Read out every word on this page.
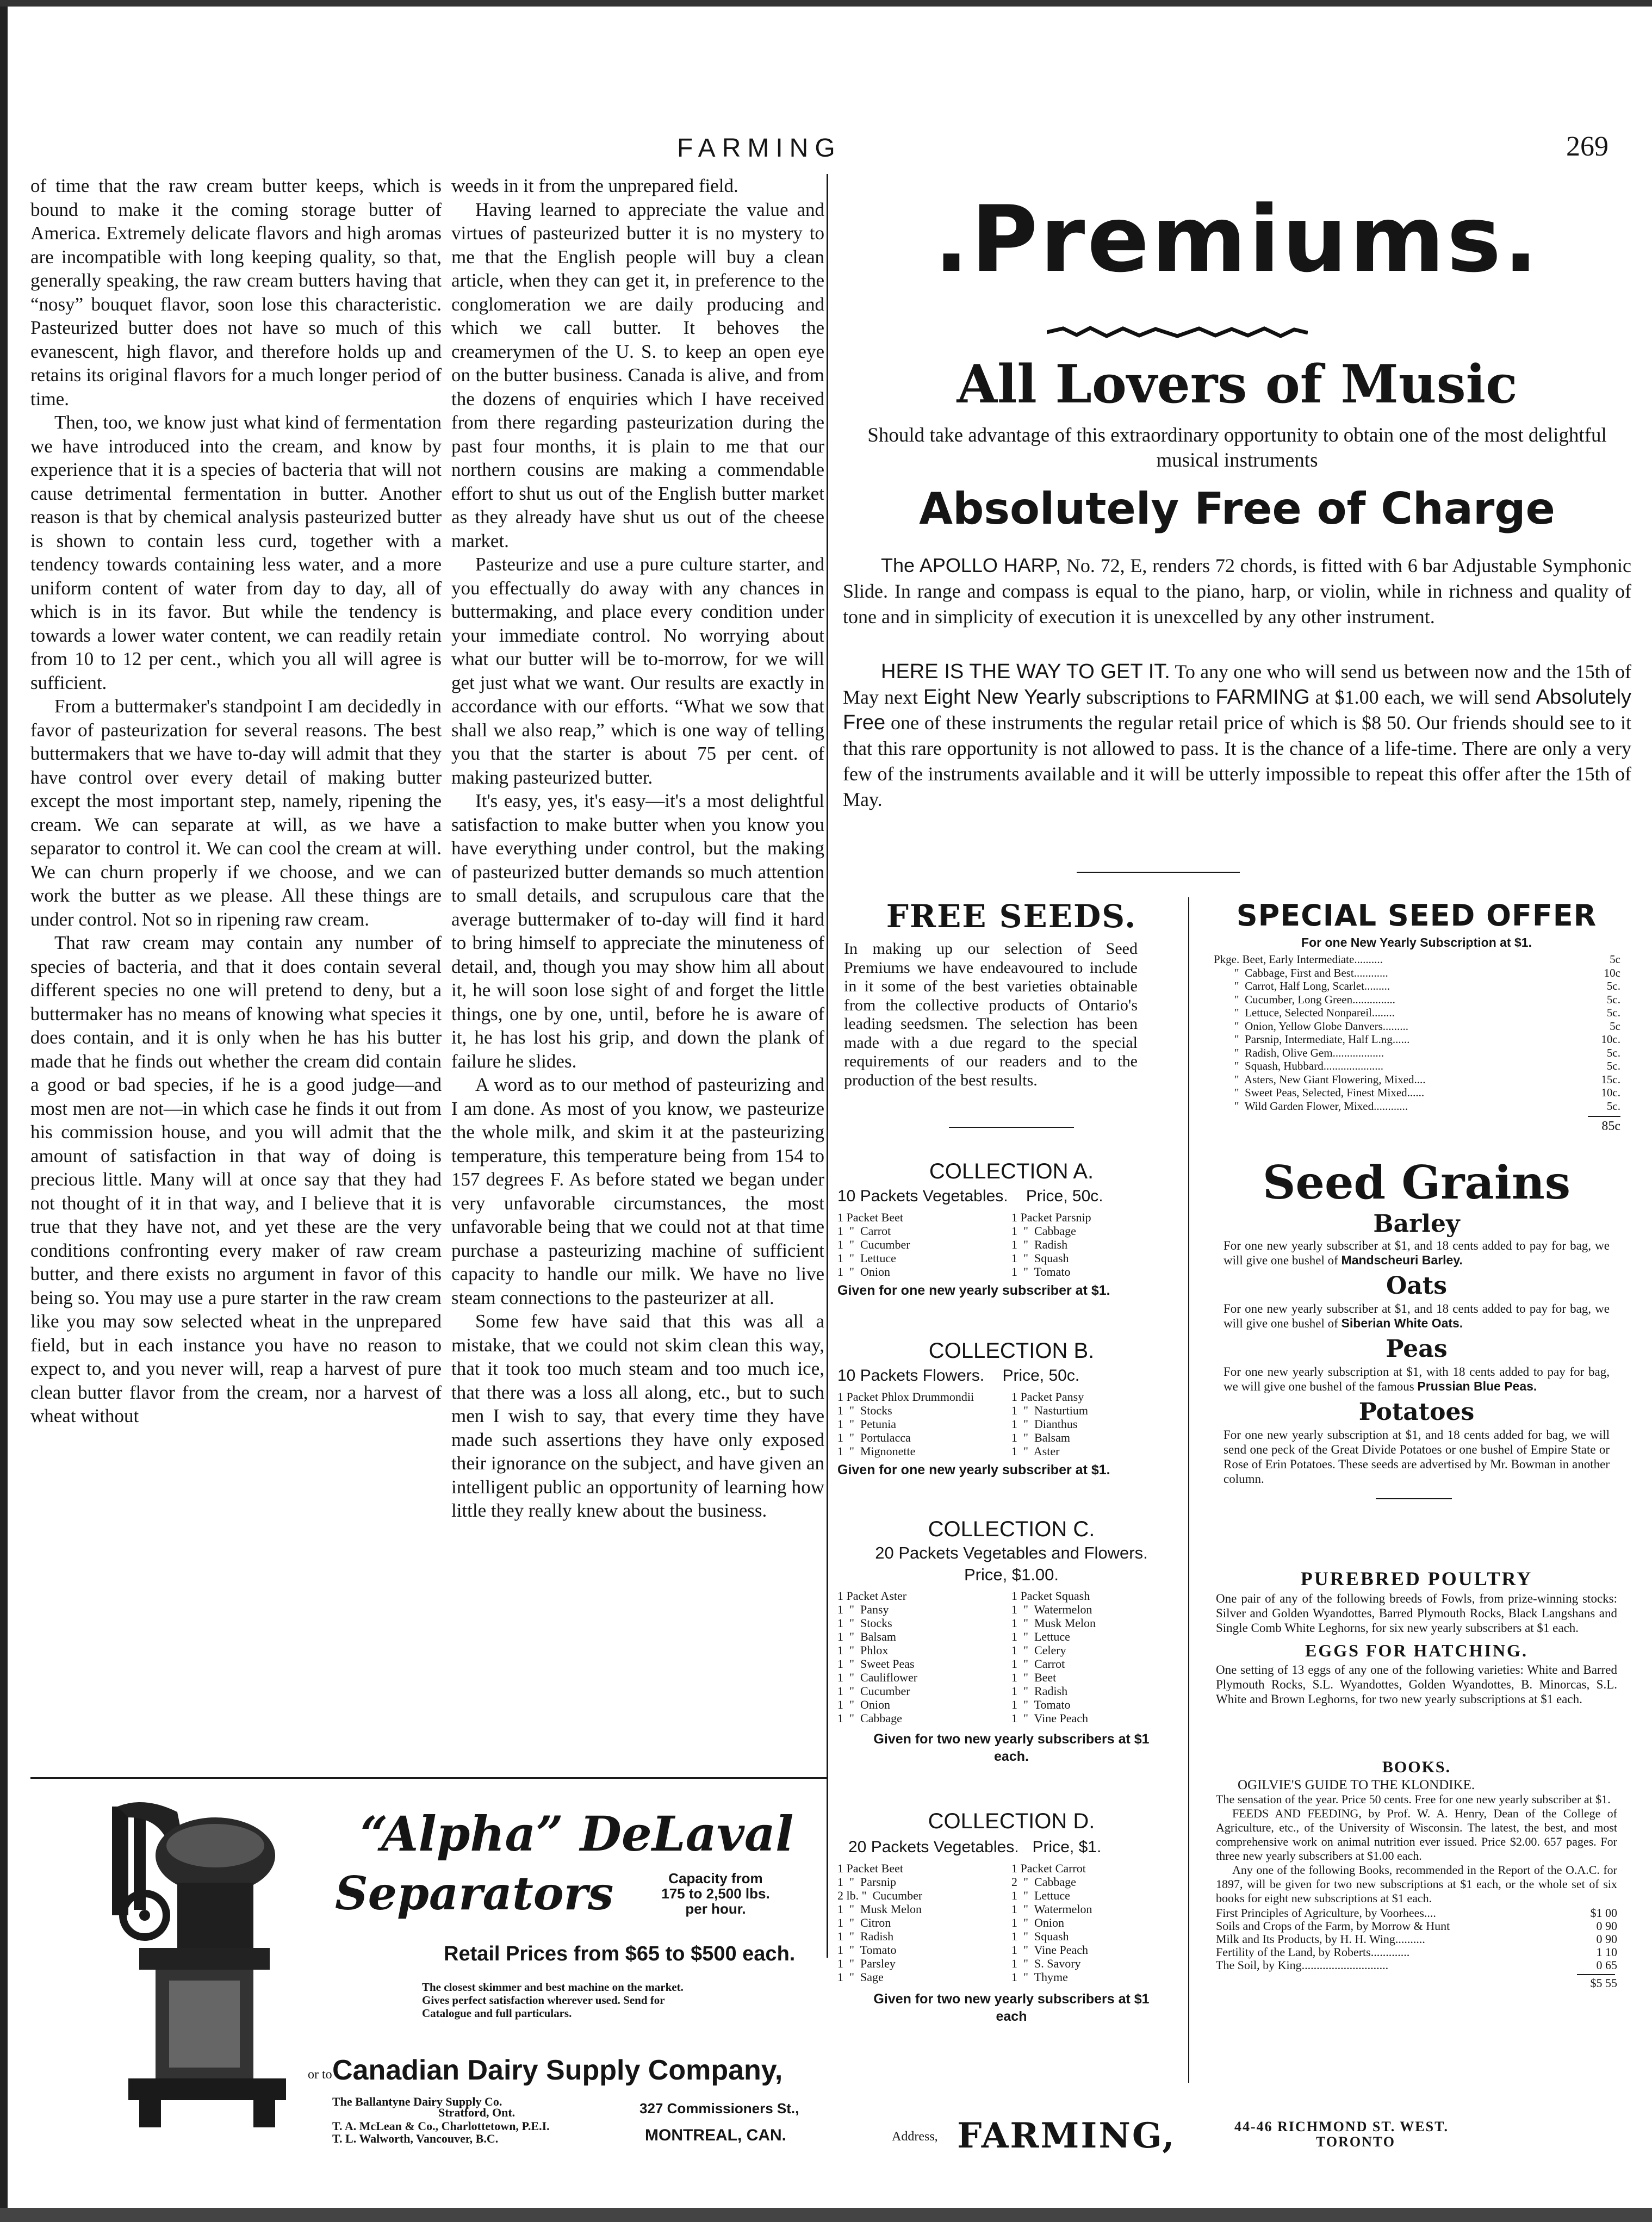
FARMING	269

of time that the raw cream butter keeps, which is bound to make it the coming storage butter of America. Extremely delicate flavors and high aromas are incompatible with long keeping quality, so that, generally speaking, the raw cream butters having that “nosy” bouquet flavor, soon lose this characteristic. Pasteurized butter does not have so much of this evanescent, high flavor, and therefore holds up and retains its original flavors for a much longer period of time.

Then, too, we know just what kind of fermentation we have introduced into the cream, and know by experience that it is a species of bacteria that will not cause detrimental fermentation in butter. Another reason is that by chemical analysis pasteurized butter is shown to contain less curd, together with a tendency towards containing less water, and a more uniform content of water from day to day, all of which is in its favor. But while the tendency is towards a lower water content, we can readily retain from 10 to 12 per cent., which you all will agree is sufficient.

From a buttermaker's standpoint I am decidedly in favor of pasteurization for several reasons. The best buttermakers that we have to-day will admit that they have control over every detail of making butter except the most important step, namely, ripening the cream. We can separate at will, as we have a separator to control it. We can cool the cream at will. We can churn properly if we choose, and we can work the butter as we please. All these things are under control. Not so in ripening raw cream.

That raw cream may contain any number of species of bacteria, and that it does contain several different species no one will pretend to deny, but a buttermaker has no means of knowing what species it does contain, and it is only when he has his butter made that he finds out whether the cream did contain a good or bad species, if he is a good judge—and most men are not—in which case he finds it out from his commission house, and you will admit that the amount of satisfaction in that way of doing is precious little. Many will at once say that they had not thought of it in that way, and I believe that it is true that they have not, and yet these are the very conditions confronting every maker of raw cream butter, and there exists no argument in favor of this being so. You may use a pure starter in the raw cream like you may sow selected wheat in the unprepared field, but in each instance you have no reason to expect to, and you never will, reap a harvest of pure clean butter flavor from the cream, nor a harvest of wheat without

weeds in it from the unprepared field.

Having learned to appreciate the value and virtues of pasteurized butter it is no mystery to me that the English people will buy a clean article, when they can get it, in preference to the conglomeration we are daily producing and which we call butter. It behoves the creamerymen of the U. S. to keep an open eye on the butter business. Canada is alive, and from the dozens of enquiries which I have received from there regarding pasteurization during the past four months, it is plain to me that our northern cousins are making a commendable effort to shut us out of the English butter market as they already have shut us out of the cheese market.

Pasteurize and use a pure culture starter, and you effectually do away with any chances in buttermaking, and place every condition under your immediate control. No worrying about what our butter will be to-morrow, for we will get just what we want. Our results are exactly in accordance with our efforts. “What we sow that shall we also reap,” which is one way of telling you that the starter is about 75 per cent. of making pasteurized butter.

It's easy, yes, it's easy—it's a most delightful satisfaction to make butter when you know you have everything under control, but the making of pasteurized butter demands so much attention to small details, and scrupulous care that the average buttermaker of to-day will find it hard to bring himself to appreciate the minuteness of detail, and, though you may show him all about it, he will soon lose sight of and forget the little things, one by one, until, before he is aware of it, he has lost his grip, and down the plank of failure he slides.

A word as to our method of pasteurizing and I am done. As most of you know, we pasteurize the whole milk, and skim it at the pasteurizing temperature, this temperature being from 154 to 157 degrees F. As before stated we began under very unfavorable circumstances, the most unfavorable being that we could not at that time purchase a pasteurizing machine of sufficient capacity to handle our milk. We have no live steam connections to the pasteurizer at all.

Some few have said that this was all a mistake, that we could not skim clean this way, that it took too much steam and too much ice, that there was a loss all along, etc., but to such men I wish to say, that every time they have made such assertions they have only exposed their ignorance on the subject, and have given an intelligent public an opportunity of learning how little they really knew about the business.

.Premiums.
All Lovers of Music
Should take advantage of this extraordinary opportunity to obtain one of the most delightful musical instruments
Absolutely Free of Charge
The APOLLO HARP, No. 72, E, renders 72 chords, is fitted with 6 bar Adjustable Symphonic Slide. In range and compass is equal to the piano, harp, or violin, while in richness and quality of tone and in simplicity of execution it is unexcelled by any other instrument.
HERE IS THE WAY TO GET IT. To any one who will send us between now and the 15th of May next Eight New Yearly subscriptions to FARMING at $1.00 each, we will send Absolutely Free one of these instruments the regular retail price of which is $8 50. Our friends should see to it that this rare opportunity is not allowed to pass. It is the chance of a life-time. There are only a very few of the instruments available and it will be utterly impossible to repeat this offer after the 15th of May.
FREE SEEDS.
In making up our selection of Seed Premiums we have endeavoured to include in it some of the best varieties obtainable from the collective products of Ontario's leading seedsmen. The selection has been made with a due regard to the special requirements of our readers and to the production of the best results.
COLLECTION A.
10 Packets Vegetables.    Price, 50c.
1 Packet Beet	1 Packet Parsnip
1  "  Carrot	1  "  Cabbage
1  "  Cucumber	1  "  Radish
1  "  Lettuce	1  "  Squash
1  "  Onion	1  "  Tomato
Given for one new yearly subscriber at $1.
COLLECTION B.
10 Packets Flowers.    Price, 50c.
1 Packet Phlox Drummondii	1 Packet Pansy
1  "  Stocks	1  "  Nasturtium
1  "  Petunia	1  "  Dianthus
1  "  Portulacca	1  "  Balsam
1  "  Mignonette	1  "  Aster
Given for one new yearly subscriber at $1.
COLLECTION C.
20 Packets Vegetables and Flowers.
Price, $1.00.
1 Packet Aster	1 Packet Squash
1  "  Pansy	1  "  Watermelon
1  "  Stocks	1  "  Musk Melon
1  "  Balsam	1  "  Lettuce
1  "  Phlox	1  "  Celery
1  "  Sweet Peas	1  "  Carrot
1  "  Cauliflower	1  "  Beet
1  "  Cucumber	1  "  Radish
1  "  Onion	1  "  Tomato
1  "  Cabbage	1  "  Vine Peach
Given for two new yearly subscribers at $1 each.
COLLECTION D.
20 Packets Vegetables.   Price, $1.
1 Packet Beet	1 Packet Carrot
1  "  Parsnip	2  "  Cabbage
2 lb. "  Cucumber	1  "  Lettuce
1  "  Musk Melon	1  "  Watermelon
1  "  Citron	1  "  Onion
1  "  Radish	1  "  Squash
1  "  Tomato	1  "  Vine Peach
1  "  Parsley	1  "  S. Savory
1  "  Sage	1  "  Thyme
Given for two new yearly subscribers at $1 each
SPECIAL SEED OFFER
For one New Yearly Subscription at $1.
Pkge. Beet, Early Intermediate..........	5c
"  Cabbage, First and Best............	10c
"  Carrot, Half Long, Scarlet.........	5c.
"  Cucumber, Long Green...............	5c.
"  Lettuce, Selected Nonpareil........	5c.
"  Onion, Yellow Globe Danvers.........	5c
"  Parsnip, Intermediate, Half L.ng......	10c.
"  Radish, Olive Gem..................	5c.
"  Squash, Hubbard.....................	5c.
"  Asters, New Giant Flowering, Mixed....	15c.
"  Sweet Peas, Selected, Finest Mixed......	10c.
"  Wild Garden Flower, Mixed............	5c.
85c
Seed Grains
Barley
For one new yearly subscriber at $1, and 18 cents added to pay for bag, we will give one bushel of Mandscheuri Barley.
Oats
For one new yearly subscriber at $1, and 18 cents added to pay for bag, we will give one bushel of Siberian White Oats.
Peas
For one new yearly subscription at $1, with 18 cents added to pay for bag, we will give one bushel of the famous Prussian Blue Peas.
Potatoes
For one new yearly subscription at $1, and 18 cents added for bag, we will send one peck of the Great Divide Potatoes or one bushel of Empire State or Rose of Erin Potatoes. These seeds are advertised by Mr. Bowman in another column.
PUREBRED POULTRY
One pair of any of the following breeds of Fowls, from prize-winning stocks: Silver and Golden Wyandottes, Barred Plymouth Rocks, Black Langshans and Single Comb White Leghorns, for six new yearly subscribers at $1 each.
EGGS FOR HATCHING.
One setting of 13 eggs of any one of the following varieties: White and Barred Plymouth Rocks, S.L. Wyandottes, Golden Wyandottes, B. Minorcas, S.L. White and Brown Leghorns, for two new yearly subscriptions at $1 each.
BOOKS.
OGILVIE'S GUIDE TO THE KLONDIKE.
The sensation of the year. Price 50 cents. Free for one new yearly subscriber at $1.
FEEDS AND FEEDING, by Prof. W. A. Henry, Dean of the College of Agriculture, etc., of the University of Wisconsin. The latest, the best, and most comprehensive work on animal nutrition ever issued. Price $2.00. 657 pages. For three new yearly subscribers at $1.00 each.
Any one of the following Books, recommended in the Report of the O.A.C. for 1897, will be given for two new subscriptions at $1 each, or the whole set of six books for eight new subscriptions at $1 each.
First Principles of Agriculture, by Voorhees....	$1 00
Soils and Crops of the Farm, by Morrow & Hunt	0 90
Milk and Its Products, by H. H. Wing..........	0 90
Fertility of the Land, by Roberts.............	1 10
The Soil, by King.............................	0 65
$5 55
Address, FARMING,	44-46 RICHMOND ST. WEST.
TORONTO
“Alpha” DeLaval
Separators	Capacity from 175 to 2,500 lbs. per hour.
Retail Prices from $65 to $500 each.
The closest skimmer and best machine on the market. Gives perfect satisfaction wherever used. Send for Catalogue and full particulars.
or to Canadian Dairy Supply Company,
The Ballantyne Dairy Supply Co.
Stratford, Ont.
T. A. McLean & Co., Charlottetown, P.E.I.
T. L. Walworth, Vancouver, B.C.
327 Commissioners St.,
MONTREAL, CAN.
